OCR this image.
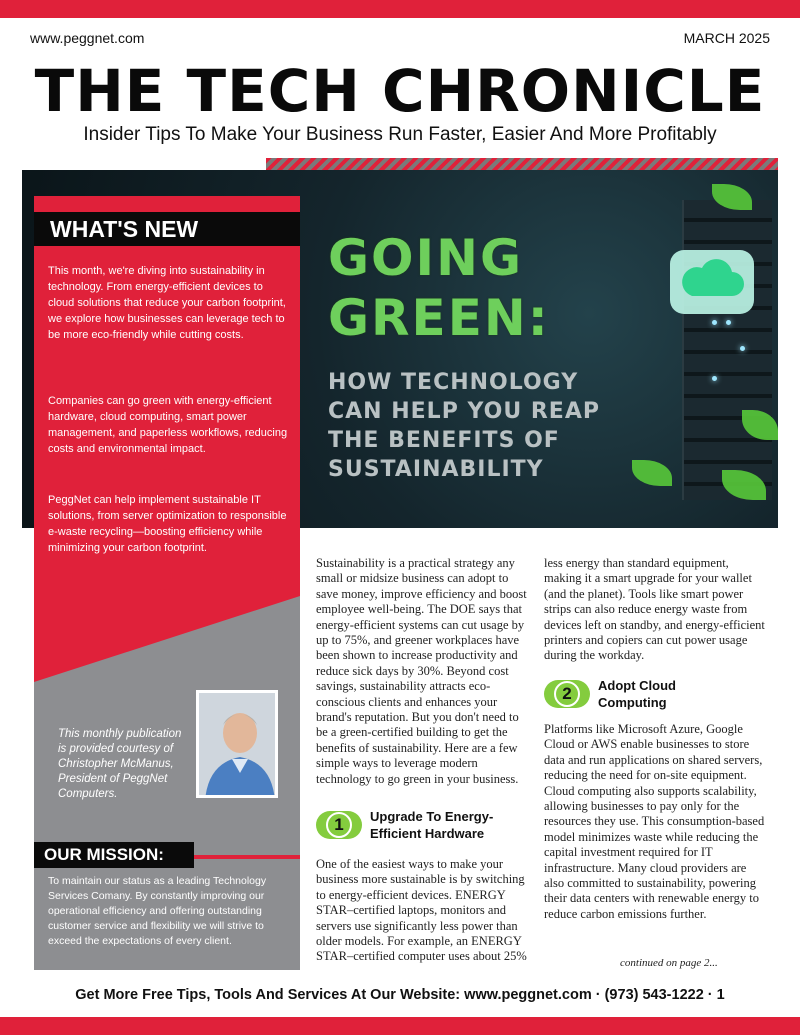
www.peggnet.com	MARCH 2025
THE TECH CHRONICLE
Insider Tips To Make Your Business Run Faster, Easier And More Profitably
GOING
GREEN:
HOW TECHNOLOGY
CAN HELP YOU REAP
THE BENEFITS OF
SUSTAINABILITY
WHAT'S NEW
This month, we're diving into sustainability in technology. From energy-efficient devices to cloud solutions that reduce your carbon footprint, we explore how businesses can leverage tech to be more eco-friendly while cutting costs.
Companies can go green with energy-efficient hardware, cloud computing, smart power management, and paperless workflows, reducing costs and environmental impact.
PeggNet can help implement sustainable IT solutions, from server optimization to responsible e-waste recycling—boosting efficiency while minimizing your carbon footprint.
This monthly publication is provided courtesy of Christopher McManus, President of PeggNet Computers.
OUR MISSION:
To maintain our status as a leading Technology Services Comany. By constantly improving our operational efficiency and offering outstanding customer service and flexibility we will strive to exceed the expectations of every client.
Sustainability is a practical strategy any small or midsize business can adopt to save money, improve efficiency and boost employee well-being. The DOE says that energy-efficient systems can cut usage by up to 75%, and greener workplaces have been shown to increase productivity and reduce sick days by 30%. Beyond cost savings, sustainability attracts eco-conscious clients and enhances your brand's reputation. But you don't need to be a green-certified building to get the benefits of sustainability. Here are a few simple ways to leverage modern technology to go green in your business.
1	Upgrade To Energy-Efficient Hardware
One of the easiest ways to make your business more sustainable is by switching to energy-efficient devices. ENERGY STAR–certified laptops, monitors and servers use significantly less power than older models. For example, an ENERGY STAR–certified computer uses about 25%
less energy than standard equipment, making it a smart upgrade for your wallet (and the planet). Tools like smart power strips can also reduce energy waste from devices left on standby, and energy-efficient printers and copiers can cut power usage during the workday.
2	Adopt Cloud Computing
Platforms like Microsoft Azure, Google Cloud or AWS enable businesses to store data and run applications on shared servers, reducing the need for on-site equipment. Cloud computing also supports scalability, allowing businesses to pay only for the resources they use. This consumption-based model minimizes waste while reducing the capital investment required for IT infrastructure. Many cloud providers are also committed to sustainability, powering their data centers with renewable energy to reduce carbon emissions further.
continued on page 2...
Get More Free Tips, Tools And Services At Our Website: www.peggnet.com · (973) 543-1222 · 1
